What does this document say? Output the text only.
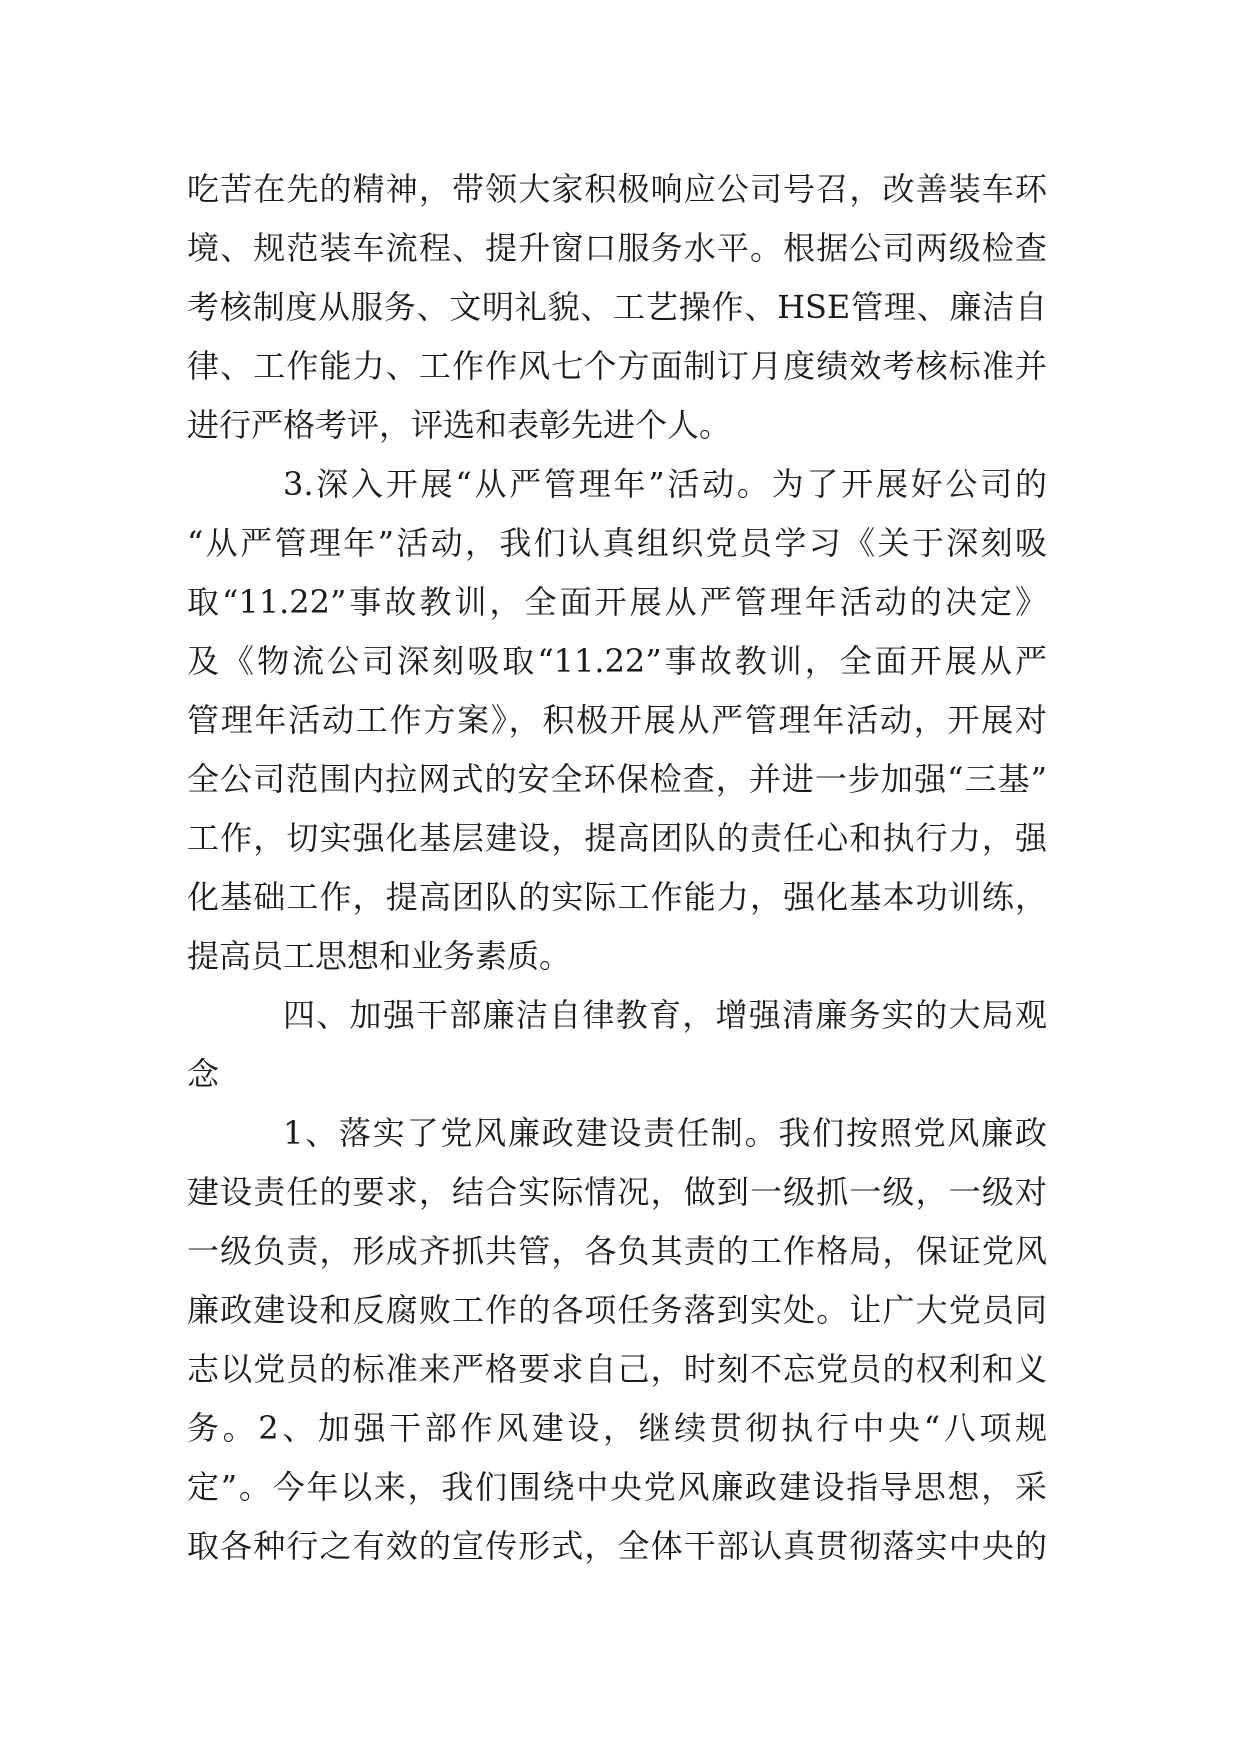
吃苦在先的精神，带领大家积极响应公司号召，改善装车环
境、规范装车流程、提升窗口服务水平。根据公司两级检查
考核制度从服务、文明礼貌、工艺操作、HSE管理、廉洁自
律、工作能力、工作作风七个方面制订月度绩效考核标准并
进行严格考评，评选和表彰先进个人。
3.深入开展“从严管理年”活动。为了开展好公司的
“从严管理年”活动，我们认真组织党员学习《关于深刻吸
取“11.22”事故教训，全面开展从严管理年活动的决定》
及《物流公司深刻吸取“11.22”事故教训，全面开展从严
管理年活动工作方案》，积极开展从严管理年活动，开展对
全公司范围内拉网式的安全环保检查，并进一步加强“三基”
工作，切实强化基层建设，提高团队的责任心和执行力，强
化基础工作，提高团队的实际工作能力，强化基本功训练，
提高员工思想和业务素质。
四、加强干部廉洁自律教育，增强清廉务实的大局观
念
1、落实了党风廉政建设责任制。我们按照党风廉政
建设责任的要求，结合实际情况，做到一级抓一级，一级对
一级负责，形成齐抓共管，各负其责的工作格局，保证党风
廉政建设和反腐败工作的各项任务落到实处。让广大党员同
志以党员的标准来严格要求自己，时刻不忘党员的权利和义
务。2、加强干部作风建设，继续贯彻执行中央“八项规
定”。今年以来，我们围绕中央党风廉政建设指导思想，采
取各种行之有效的宣传形式，全体干部认真贯彻落实中央的
